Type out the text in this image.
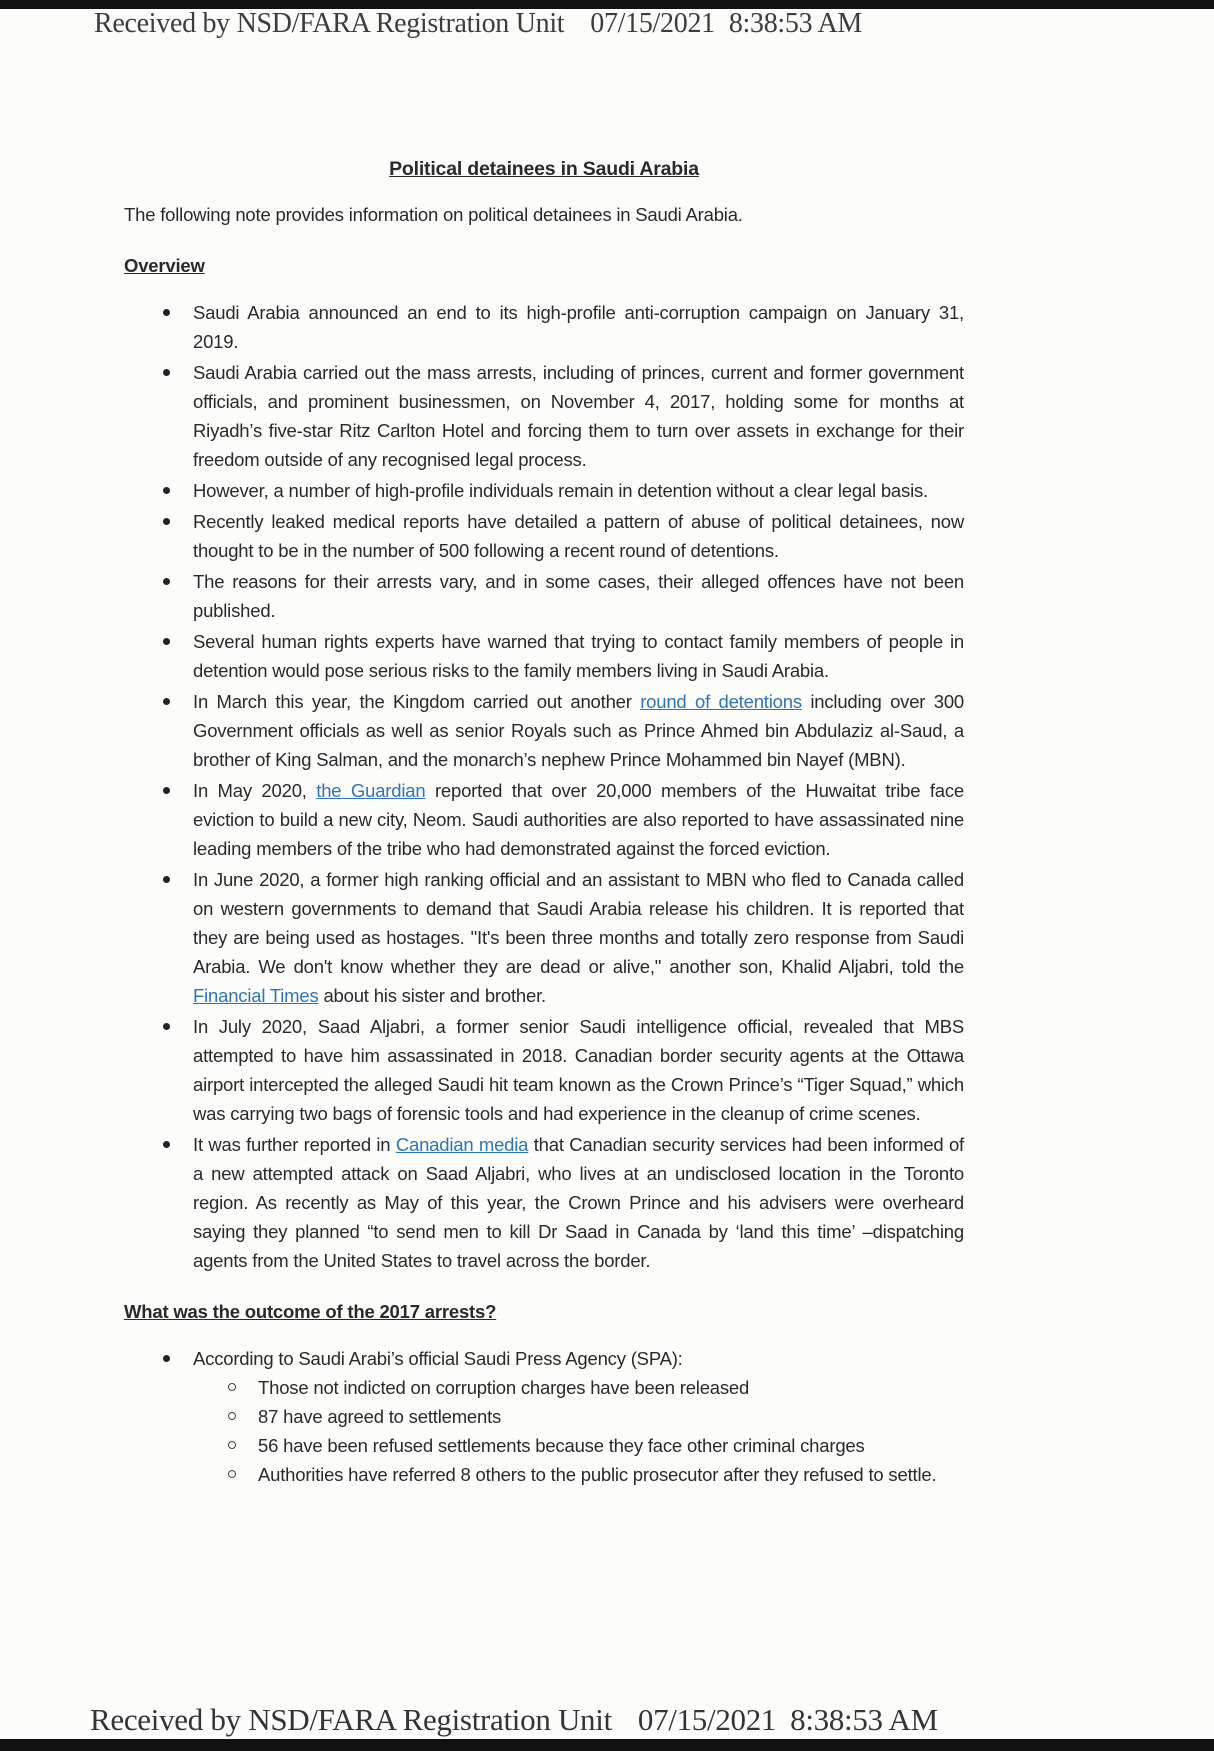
Received by NSD/FARA Registration Unit 07/15/2021 8:38:53 AM
Political detainees in Saudi Arabia
The following note provides information on political detainees in Saudi Arabia.
Overview
Saudi Arabia announced an end to its high-profile anti-corruption campaign on January 31, 2019.
Saudi Arabia carried out the mass arrests, including of princes, current and former government officials, and prominent businessmen, on November 4, 2017, holding some for months at Riyadh’s five-star Ritz Carlton Hotel and forcing them to turn over assets in exchange for their freedom outside of any recognised legal process.
However, a number of high-profile individuals remain in detention without a clear legal basis.
Recently leaked medical reports have detailed a pattern of abuse of political detainees, now thought to be in the number of 500 following a recent round of detentions.
The reasons for their arrests vary, and in some cases, their alleged offences have not been published.
Several human rights experts have warned that trying to contact family members of people in detention would pose serious risks to the family members living in Saudi Arabia.
In March this year, the Kingdom carried out another round of detentions including over 300 Government officials as well as senior Royals such as Prince Ahmed bin Abdulaziz al-Saud, a brother of King Salman, and the monarch’s nephew Prince Mohammed bin Nayef (MBN).
In May 2020, the Guardian reported that over 20,000 members of the Huwaitat tribe face eviction to build a new city, Neom. Saudi authorities are also reported to have assassinated nine leading members of the tribe who had demonstrated against the forced eviction.
In June 2020, a former high ranking official and an assistant to MBN who fled to Canada called on western governments to demand that Saudi Arabia release his children. It is reported that they are being used as hostages. "It's been three months and totally zero response from Saudi Arabia. We don't know whether they are dead or alive," another son, Khalid Aljabri, told the Financial Times about his sister and brother.
In July 2020, Saad Aljabri, a former senior Saudi intelligence official, revealed that MBS attempted to have him assassinated in 2018. Canadian border security agents at the Ottawa airport intercepted the alleged Saudi hit team known as the Crown Prince’s “Tiger Squad,” which was carrying two bags of forensic tools and had experience in the cleanup of crime scenes.
It was further reported in Canadian media that Canadian security services had been informed of a new attempted attack on Saad Aljabri, who lives at an undisclosed location in the Toronto region. As recently as May of this year, the Crown Prince and his advisers were overheard saying they planned “to send men to kill Dr Saad in Canada by ‘land this time’ –dispatching agents from the United States to travel across the border.
What was the outcome of the 2017 arrests?
According to Saudi Arabi’s official Saudi Press Agency (SPA):
Those not indicted on corruption charges have been released
87 have agreed to settlements
56 have been refused settlements because they face other criminal charges
Authorities have referred 8 others to the public prosecutor after they refused to settle.
Received by NSD/FARA Registration Unit 07/15/2021 8:38:53 AM
